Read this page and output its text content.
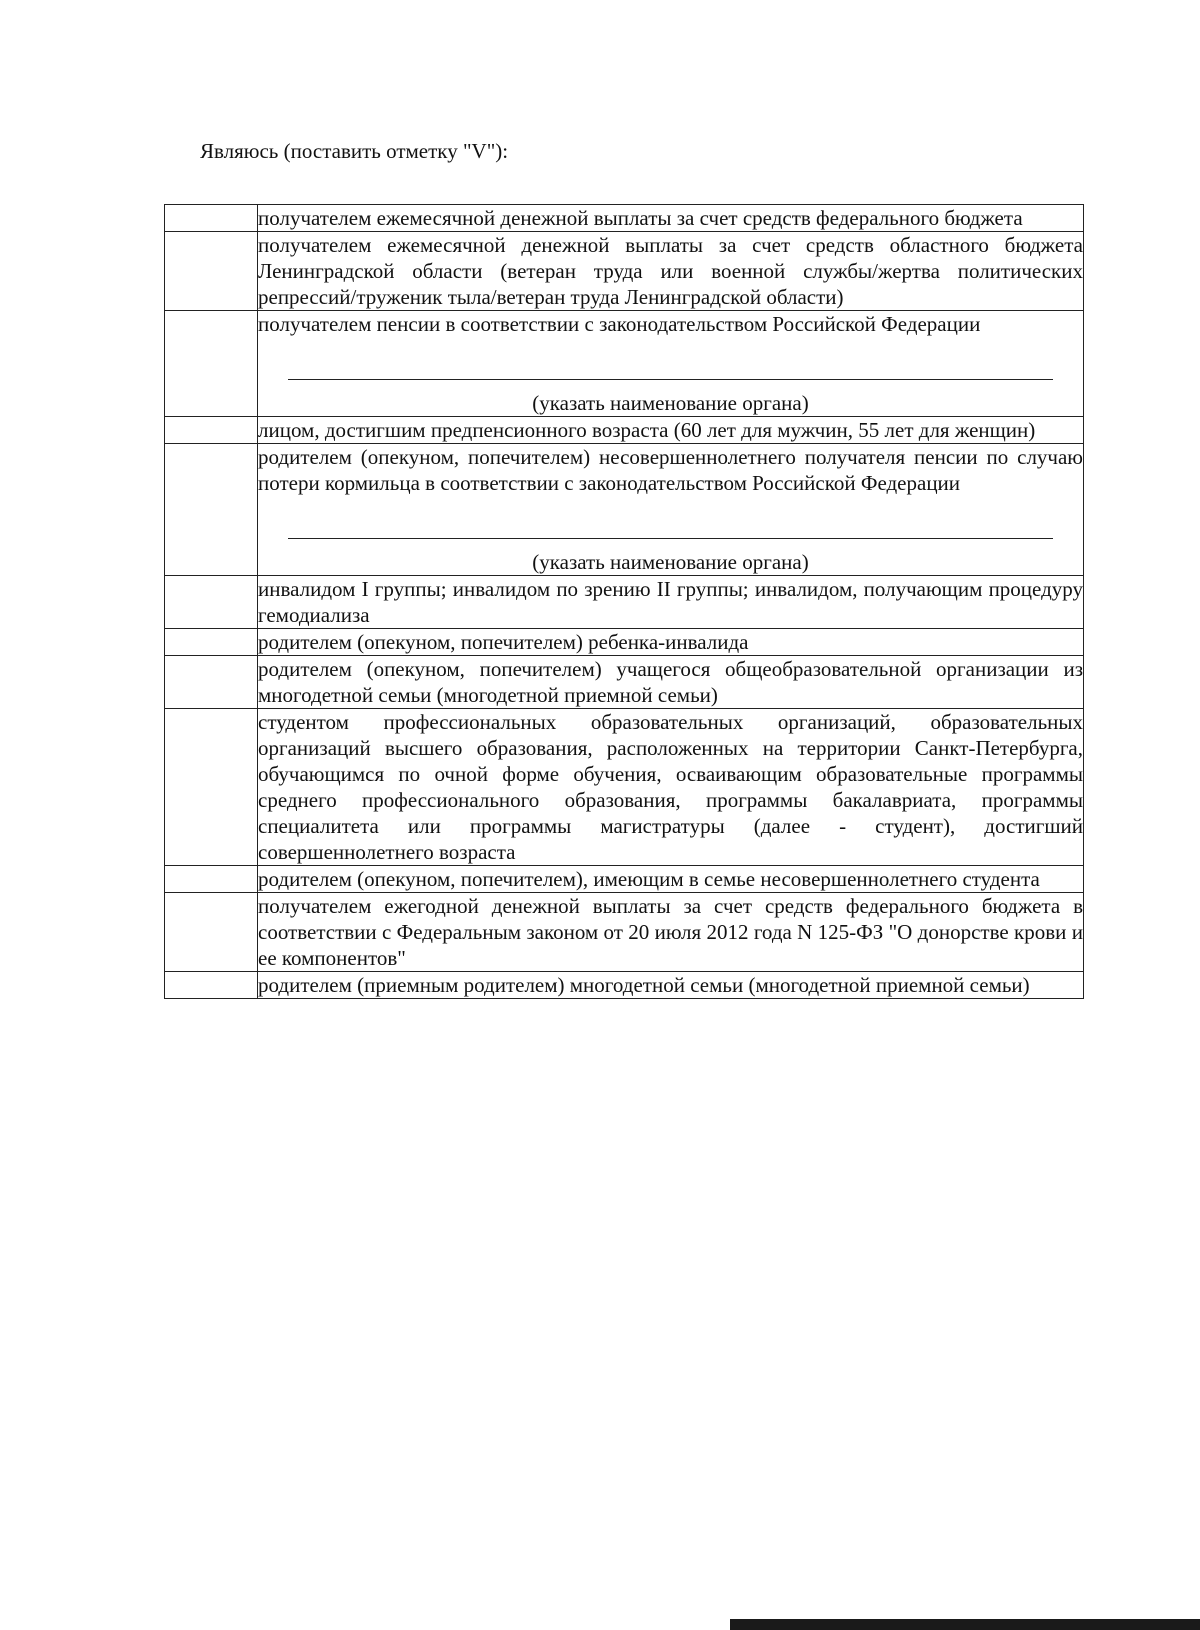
Являюсь (поставить отметку "V"):

	получателем ежемесячной денежной выплаты за счет средств федерального бюджета

	получателем ежемесячной денежной выплаты за счет средств областного бюджета Ленинградской области (ветеран труда или военной службы/жертва политических репрессий/труженик тыла/ветеран труда Ленинградской области)

	получателем пенсии в соответствии с законодательством Российской Федерации
(указать наименование органа)

	лицом, достигшим предпенсионного возраста (60 лет для мужчин, 55 лет для женщин)

	родителем (опекуном, попечителем) несовершеннолетнего получателя пенсии по случаю потери кормильца в соответствии с законодательством Российской Федерации
(указать наименование органа)

	инвалидом I группы; инвалидом по зрению II группы; инвалидом, получающим процедуру гемодиализа

	родителем (опекуном, попечителем) ребенка-инвалида

	родителем (опекуном, попечителем) учащегося общеобразовательной организации из многодетной семьи (многодетной приемной семьи)

	студентом профессиональных образовательных организаций, образовательных организаций высшего образования, расположенных на территории Санкт-Петербурга, обучающимся по очной форме обучения, осваивающим образовательные программы среднего профессионального образования, программы бакалавриата, программы специалитета или программы магистратуры (далее - студент), достигший совершеннолетнего возраста

	родителем (опекуном, попечителем), имеющим в семье несовершеннолетнего студента

	получателем ежегодной денежной выплаты за счет средств федерального бюджета в соответствии с Федеральным законом от 20 июля 2012 года N 125-ФЗ "О донорстве крови и ее компонентов"

	родителем (приемным родителем) многодетной семьи (многодетной приемной семьи)
